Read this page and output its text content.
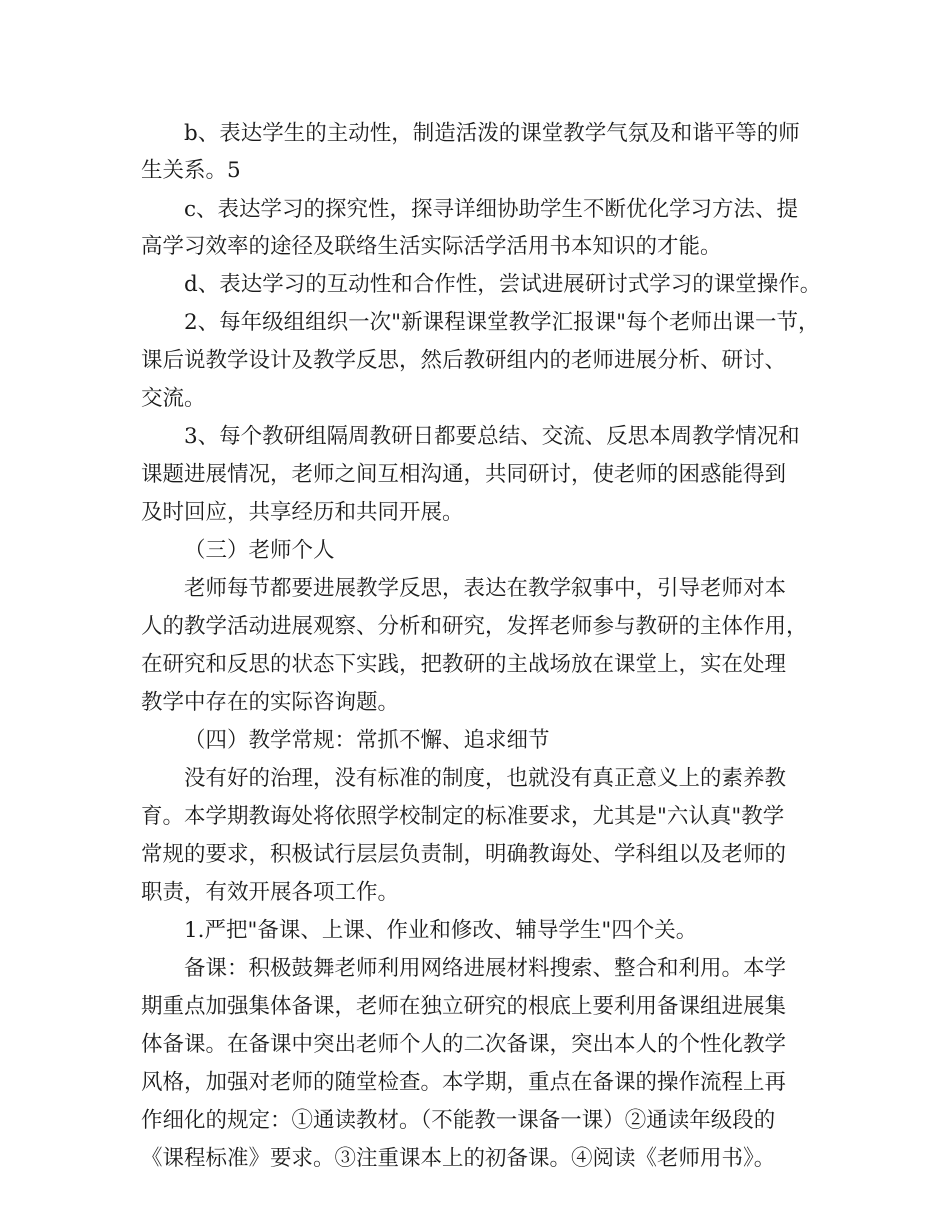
b、表达学生的主动性，制造活泼的课堂教学气氛及和谐平等的师
生关系。5
c、表达学习的探究性，探寻详细协助学生不断优化学习方法、提
高学习效率的途径及联络生活实际活学活用书本知识的才能。
d、表达学习的互动性和合作性，尝试进展研讨式学习的课堂操作。
2、每年级组组织一次"新课程课堂教学汇报课"每个老师出课一节，
课后说教学设计及教学反思，然后教研组内的老师进展分析、研讨、
交流。
3、每个教研组隔周教研日都要总结、交流、反思本周教学情况和
课题进展情况，老师之间互相沟通，共同研讨，使老师的困惑能得到
及时回应，共享经历和共同开展。
（三）老师个人
老师每节都要进展教学反思，表达在教学叙事中，引导老师对本
人的教学活动进展观察、分析和研究，发挥老师参与教研的主体作用，
在研究和反思的状态下实践，把教研的主战场放在课堂上，实在处理
教学中存在的实际咨询题。
（四）教学常规：常抓不懈、追求细节
没有好的治理，没有标准的制度，也就没有真正意义上的素养教
育。本学期教诲处将依照学校制定的标准要求，尤其是"六认真"教学
常规的要求，积极试行层层负责制，明确教诲处、学科组以及老师的
职责，有效开展各项工作。
1.严把"备课、上课、作业和修改、辅导学生"四个关。
备课：积极鼓舞老师利用网络进展材料搜索、整合和利用。本学
期重点加强集体备课，老师在独立研究的根底上要利用备课组进展集
体备课。在备课中突出老师个人的二次备课，突出本人的个性化教学
风格，加强对老师的随堂检查。本学期，重点在备课的操作流程上再
作细化的规定：①通读教材。（不能教一课备一课）②通读年级段的
《课程标准》要求。③注重课本上的初备课。④阅读《老师用书》。
